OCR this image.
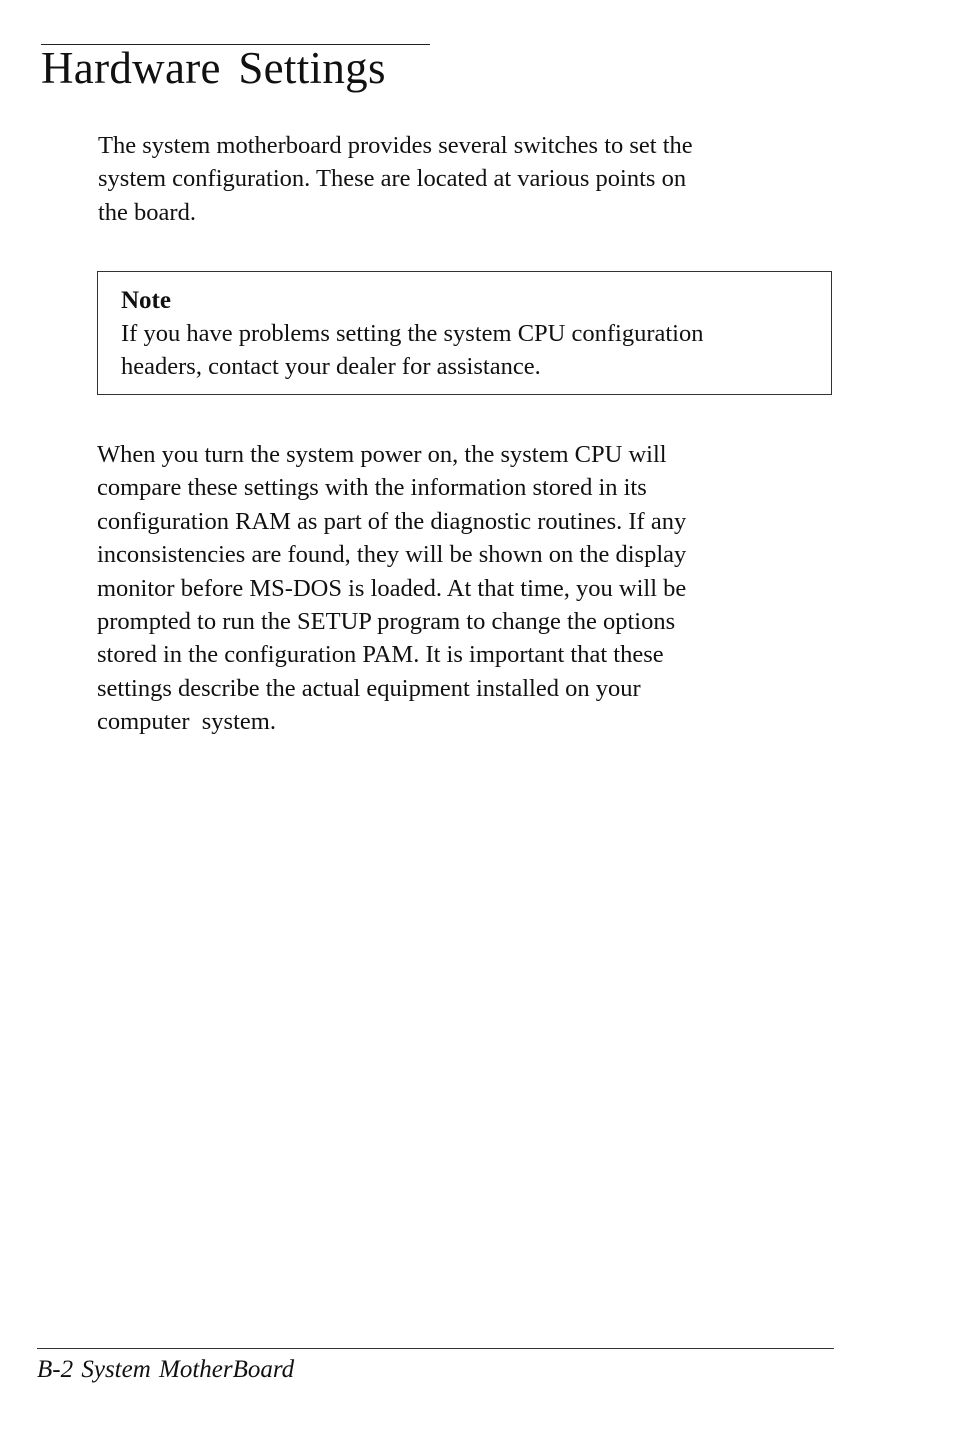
Hardware Settings

The system motherboard provides several switches to set the
system configuration. These are located at various points on
the board.

Note

If you have problems setting the system CPU configuration
headers, contact your dealer for assistance.

When you turn the system power on, the system CPU will
compare these settings with the information stored in its
configuration RAM as part of the diagnostic routines. If any
inconsistencies are found, they will be shown on the display
monitor before MS-DOS is loaded. At that time, you will be
prompted to run the SETUP program to change the options
stored in the configuration PAM. It is important that these
settings describe the actual equipment installed on your
computer  system.

B-2 System MotherBoard
